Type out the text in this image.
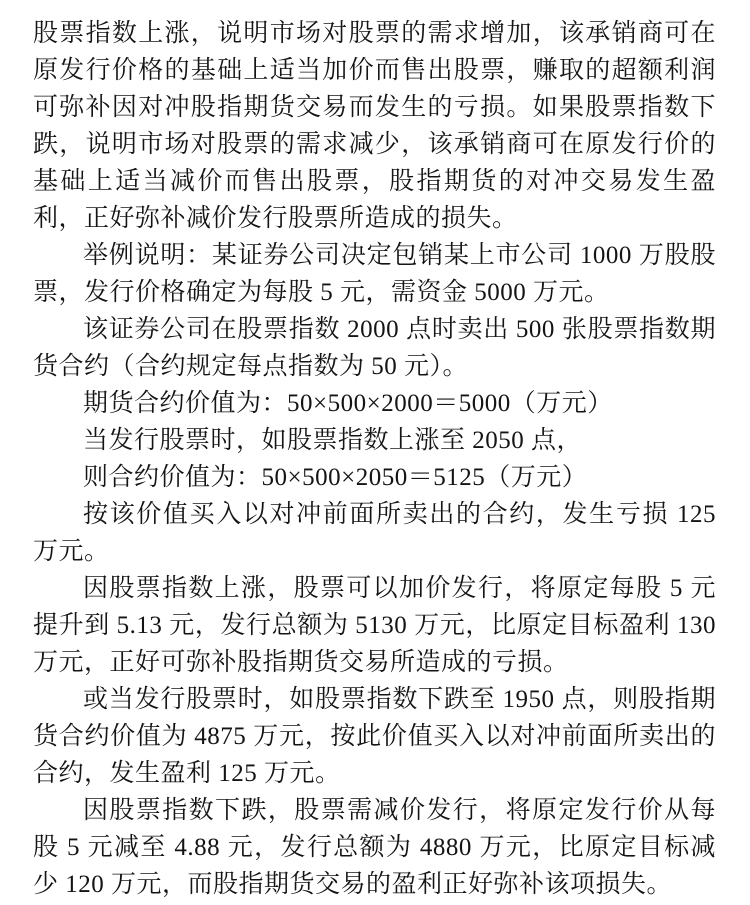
股票指数上涨，说明市场对股票的需求增加，该承销商可在原发行价格的基础上适当加价而售出股票，赚取的超额利润可弥补因对冲股指期货交易而发生的亏损。如果股票指数下跌，说明市场对股票的需求减少，该承销商可在原发行价的基础上适当减价而售出股票，股指期货的对冲交易发生盈利，正好弥补减价发行股票所造成的损失。

举例说明：某证券公司决定包销某上市公司 1000 万股股票，发行价格确定为每股 5 元，需资金 5000 万元。

该证券公司在股票指数 2000 点时卖出 500 张股票指数期货合约（合约规定每点指数为 50 元）。

期货合约价值为：50×500×2000＝5000（万元）

当发行股票时，如股票指数上涨至 2050 点，

则合约价值为：50×500×2050＝5125（万元）

按该价值买入以对冲前面所卖出的合约，发生亏损 125 万元。

因股票指数上涨，股票可以加价发行，将原定每股 5 元提升到 5.13 元，发行总额为 5130 万元，比原定目标盈利 130 万元，正好可弥补股指期货交易所造成的亏损。

或当发行股票时，如股票指数下跌至 1950 点，则股指期货合约价值为 4875 万元，按此价值买入以对冲前面所卖出的合约，发生盈利 125 万元。

因股票指数下跌，股票需减价发行，将原定发行价从每股 5 元减至 4.88 元，发行总额为 4880 万元，比原定目标减少 120 万元，而股指期货交易的盈利正好弥补该项损失。
